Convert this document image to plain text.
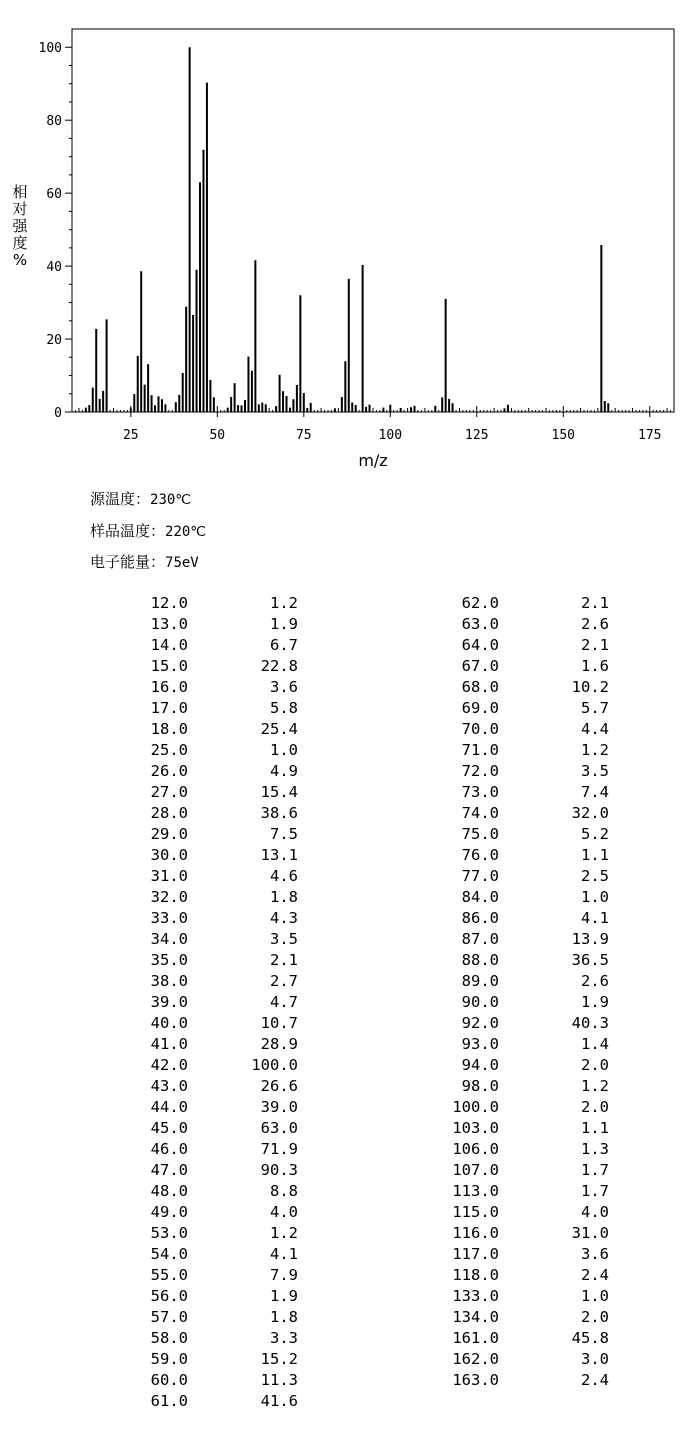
25	50	75	100	125	150	175
0
20
40
60
80
100
m/z
相
对
强
度
%
源温度：230℃
样品温度：220℃
电子能量：75eV
12.0	1.2
13.0	1.9
14.0	6.7
15.0	22.8
16.0	3.6
17.0	5.8
18.0	25.4
25.0	1.0
26.0	4.9
27.0	15.4
28.0	38.6
29.0	7.5
30.0	13.1
31.0	4.6
32.0	1.8
33.0	4.3
34.0	3.5
35.0	2.1
38.0	2.7
39.0	4.7
40.0	10.7
41.0	28.9
42.0	100.0
43.0	26.6
44.0	39.0
45.0	63.0
46.0	71.9
47.0	90.3
48.0	8.8
49.0	4.0
53.0	1.2
54.0	4.1
55.0	7.9
56.0	1.9
57.0	1.8
58.0	3.3
59.0	15.2
60.0	11.3
61.0	41.6
62.0	2.1
63.0	2.6
64.0	2.1
67.0	1.6
68.0	10.2
69.0	5.7
70.0	4.4
71.0	1.2
72.0	3.5
73.0	7.4
74.0	32.0
75.0	5.2
76.0	1.1
77.0	2.5
84.0	1.0
86.0	4.1
87.0	13.9
88.0	36.5
89.0	2.6
90.0	1.9
92.0	40.3
93.0	1.4
94.0	2.0
98.0	1.2
100.0	2.0
103.0	1.1
106.0	1.3
107.0	1.7
113.0	1.7
115.0	4.0
116.0	31.0
117.0	3.6
118.0	2.4
133.0	1.0
134.0	2.0
161.0	45.8
162.0	3.0
163.0	2.4
